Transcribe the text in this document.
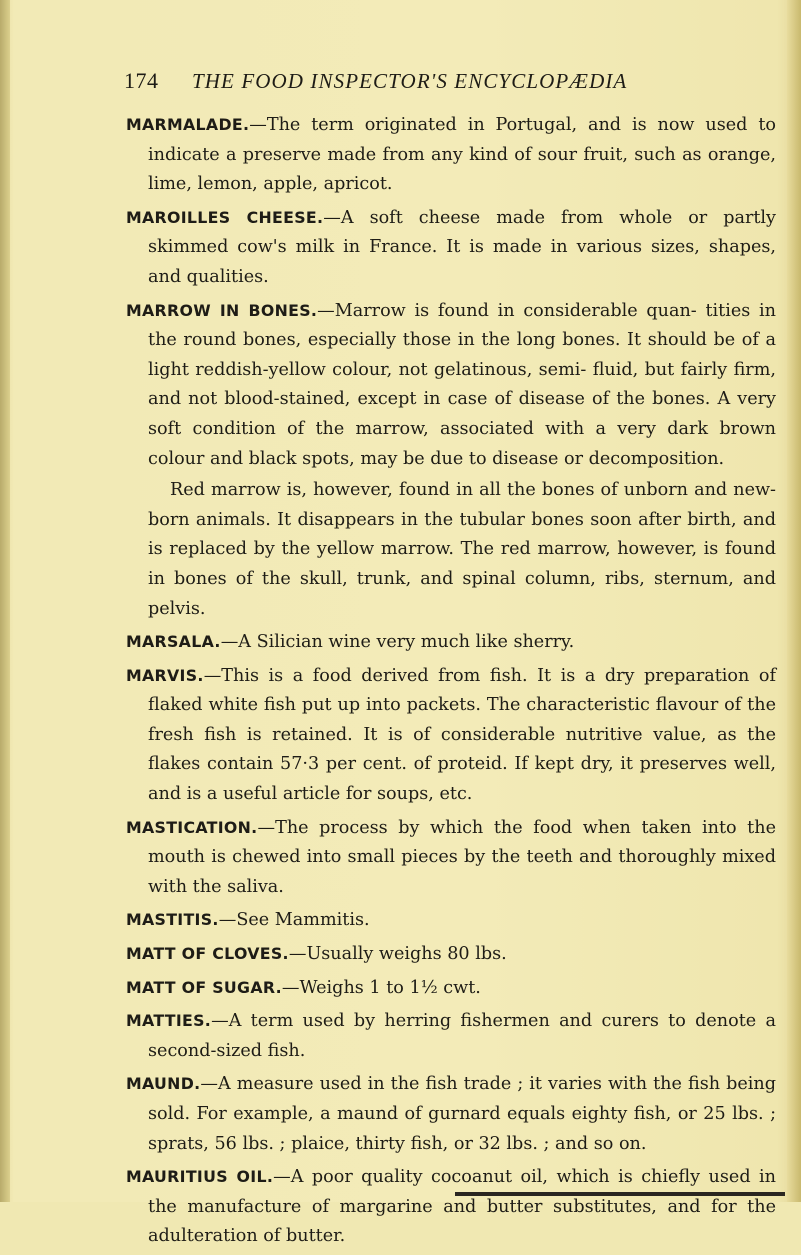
174 THE FOOD INSPECTOR'S ENCYCLOPÆDIA

MARMALADE.—The term originated in Portugal, and is now used to indicate a preserve made from any kind of sour fruit, such as orange, lime, lemon, apple, apricot.

MAROILLES CHEESE.—A soft cheese made from whole or partly skimmed cow's milk in France. It is made in various sizes, shapes, and qualities.

MARROW IN BONES.—Marrow is found in considerable quan- tities in the round bones, especially those in the long bones. It should be of a light reddish-yellow colour, not gelatinous, semi- fluid, but fairly firm, and not blood-stained, except in case of disease of the bones. A very soft condition of the marrow, associated with a very dark brown colour and black spots, may be due to disease or decomposition.

Red marrow is, however, found in all the bones of unborn and new-born animals. It disappears in the tubular bones soon after birth, and is replaced by the yellow marrow. The red marrow, however, is found in bones of the skull, trunk, and spinal column, ribs, sternum, and pelvis.

MARSALA.—A Silician wine very much like sherry.

MARVIS.—This is a food derived from fish. It is a dry preparation of flaked white fish put up into packets. The characteristic flavour of the fresh fish is retained. It is of considerable nutritive value, as the flakes contain 57·3 per cent. of proteid. If kept dry, it preserves well, and is a useful article for soups, etc.

MASTICATION.—The process by which the food when taken into the mouth is chewed into small pieces by the teeth and thoroughly mixed with the saliva.

MASTITIS.—See Mammitis.

MATT OF CLOVES.—Usually weighs 80 lbs.

MATT OF SUGAR.—Weighs 1 to 1½ cwt.

MATTIES.—A term used by herring fishermen and curers to denote a second-sized fish.

MAUND.—A measure used in the fish trade ; it varies with the fish being sold. For example, a maund of gurnard equals eighty fish, or 25 lbs. ; sprats, 56 lbs. ; plaice, thirty fish, or 32 lbs. ; and so on.

MAURITIUS OIL.—A poor quality cocoanut oil, which is chiefly used in the manufacture of margarine and butter substitutes, and for the adulteration of butter.
